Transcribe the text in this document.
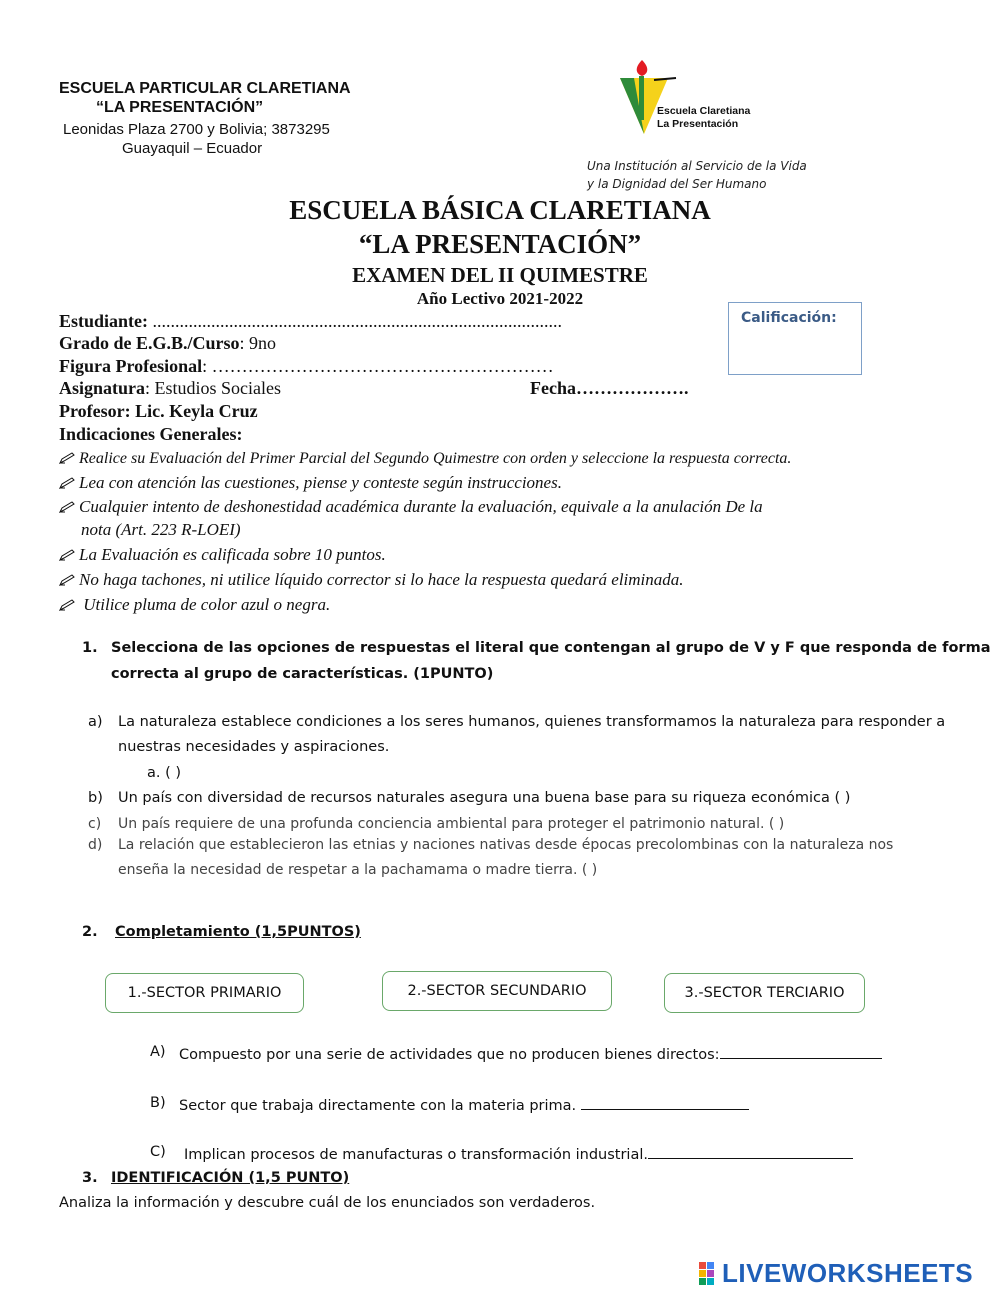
ESCUELA PARTICULAR CLARETIANA
“LA PRESENTACIÓN”
Leonidas Plaza 2700 y Bolivia; 3873295
Guayaquil – Ecuador
Escuela Claretiana
La Presentación
Una Institución al Servicio de la Vida
y la Dignidad del Ser Humano
ESCUELA BÁSICA CLARETIANA
“LA PRESENTACIÓN”
EXAMEN DEL II QUIMESTRE
Año Lectivo 2021-2022
Calificación:
Estudiante: ...........................................................................................
Grado de E.G.B./Curso: 9no
Figura Profesional: …………………………………………………
Asignatura: Estudios Sociales	Fecha……………….
Profesor: Lic. Keyla Cruz
Indicaciones Generales:
Realice su Evaluación del Primer Parcial del Segundo Quimestre con orden y seleccione la respuesta correcta.
Lea con atención las cuestiones, piense y conteste según instrucciones.
Cualquier intento de deshonestidad académica durante la evaluación, equivale a la anulación De la
nota (Art. 223 R-LOEI)
La Evaluación es calificada sobre 10 puntos.
No haga tachones, ni utilice líquido corrector si lo hace la respuesta quedará eliminada.
Utilice pluma de color azul o negra.
1. Selecciona de las opciones de respuestas el literal que contengan al grupo de V y F que responda de forma
correcta al grupo de características. (1PUNTO)
a) La naturaleza establece condiciones a los seres humanos, quienes transformamos la naturaleza para responder a
nuestras necesidades y aspiraciones.
a. ( )
b) Un país con diversidad de recursos naturales asegura una buena base para su riqueza económica ( )
c) Un país requiere de una profunda conciencia ambiental para proteger el patrimonio natural. ( )
d) La relación que establecieron las etnias y naciones nativas desde épocas precolombinas con la naturaleza nos
enseña la necesidad de respetar a la pachamama o madre tierra. ( )
2. Completamiento (1,5PUNTOS)
1.-SECTOR PRIMARIO	2.-SECTOR SECUNDARIO	3.-SECTOR TERCIARIO
A) Compuesto por una serie de actividades que no producen bienes directos:
B) Sector que trabaja directamente con la materia prima.
C) Implican procesos de manufacturas o transformación industrial.
3. IDENTIFICACIÓN (1,5 PUNTO)
Analiza la información y descubre cuál de los enunciados son verdaderos.
LIVEWORKSHEETS
